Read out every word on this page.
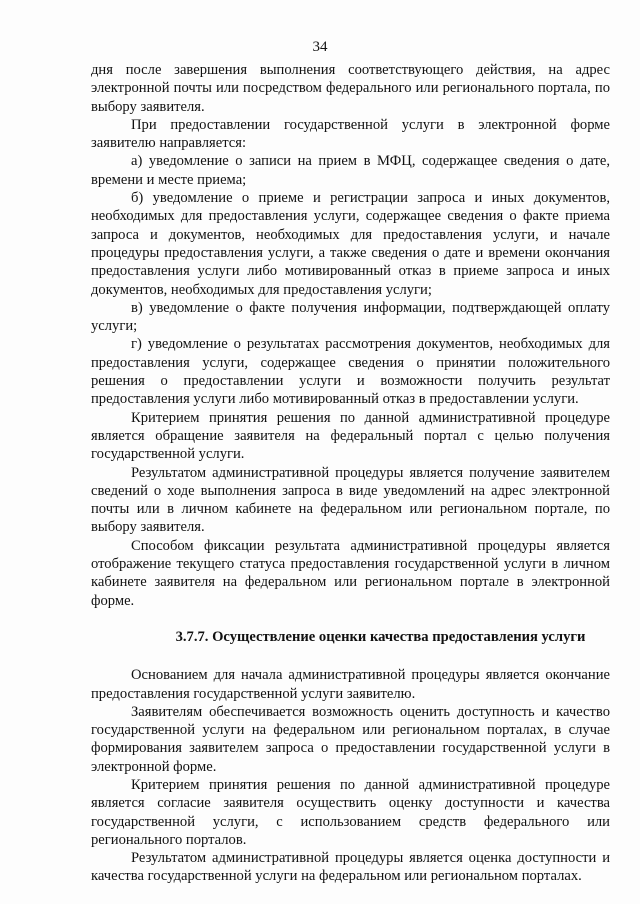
34

дня после завершения выполнения соответствующего действия, на адрес электронной почты или посредством федерального или регионального портала, по выбору заявителя.

При предоставлении государственной услуги в электронной форме заявителю направляется:

а) уведомление о записи на прием в МФЦ, содержащее сведения о дате, времени и месте приема;

б) уведомление о приеме и регистрации запроса и иных документов, необходимых для предоставления услуги, содержащее сведения о факте приема запроса и документов, необходимых для предоставления услуги, и начале процедуры предоставления услуги, а также сведения о дате и времени окончания предоставления услуги либо мотивированный отказ в приеме запроса и иных документов, необходимых для предоставления услуги;

в) уведомление о факте получения информации, подтверждающей оплату услуги;

г) уведомление о результатах рассмотрения документов, необходимых для предоставления услуги, содержащее сведения о принятии положительного решения о предоставлении услуги и возможности получить результат предоставления услуги либо мотивированный отказ в предоставлении услуги.

Критерием принятия решения по данной административной процедуре является обращение заявителя на федеральный портал с целью получения государственной услуги.

Результатом административной процедуры является получение заявителем сведений о ходе выполнения запроса в виде уведомлений на адрес электронной почты или в личном кабинете на федеральном или региональном портале, по выбору заявителя.

Способом фиксации результата административной процедуры является отображение текущего статуса предоставления государственной услуги в личном кабинете заявителя на федеральном или региональном портале в электронной форме.

3.7.7. Осуществление оценки качества предоставления услуги

Основанием для начала административной процедуры является окончание предоставления государственной услуги заявителю.

Заявителям обеспечивается возможность оценить доступность и качество государственной услуги на федеральном или региональном порталах, в случае формирования заявителем запроса о предоставлении государственной услуги в электронной форме.

Критерием принятия решения по данной административной процедуре является согласие заявителя осуществить оценку доступности и качества государственной услуги, с использованием средств федерального или регионального порталов.

Результатом административной процедуры является оценка доступности и качества государственной услуги на федеральном или региональном порталах.
